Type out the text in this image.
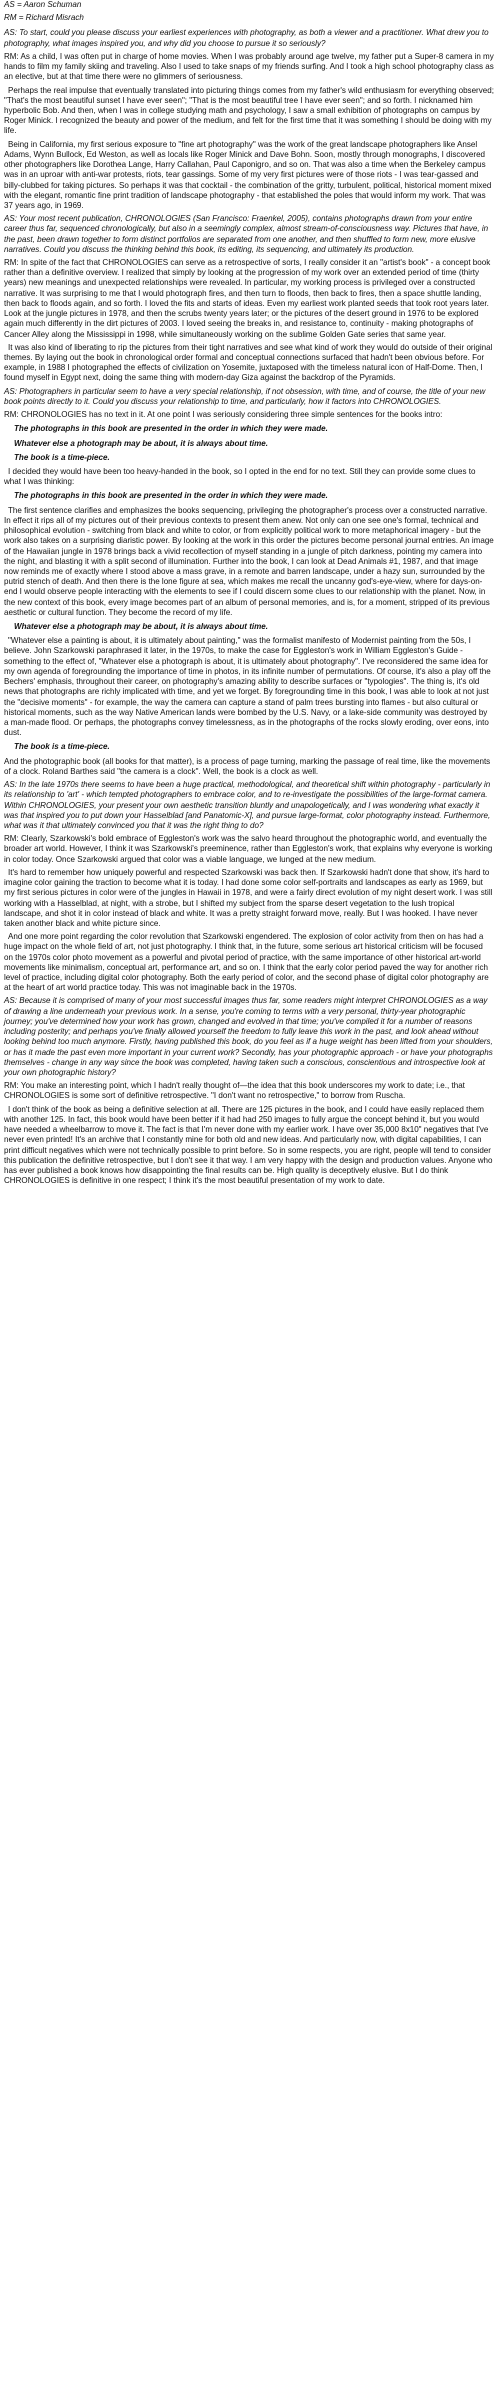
AS = Aaron Schuman

RM = Richard Misrach

AS: To start, could you please discuss your earliest experiences with photography, as both a viewer and a practitioner. What drew you to photography, what images inspired you, and why did you choose to pursue it so seriously?

RM: As a child, I was often put in charge of home movies. When I was probably around age twelve, my father put a Super-8 camera in my hands to film my family skiing and traveling. Also I used to take snaps of my friends surfing. And I took a high school photography class as an elective, but at that time there were no glimmers of seriousness.

Perhaps the real impulse that eventually translated into picturing things comes from my father's wild enthusiasm for everything observed; "That's the most beautiful sunset I have ever seen"; "That is the most beautiful tree I have ever seen"; and so forth. I nicknamed him hyperbolic Bob. And then, when I was in college studying math and psychology, I saw a small exhibition of photographs on campus by Roger Minick. I recognized the beauty and power of the medium, and felt for the first time that it was something I should be doing with my life.

Being in California, my first serious exposure to "fine art photography" was the work of the great landscape photographers like Ansel Adams, Wynn Bullock, Ed Weston, as well as locals like Roger Minick and Dave Bohn. Soon, mostly through monographs, I discovered other photographers like Dorothea Lange, Harry Callahan, Paul Caponigro, and so on. That was also a time when the Berkeley campus was in an uproar with anti-war protests, riots, tear gassings. Some of my very first pictures were of those riots - I was tear-gassed and billy-clubbed for taking pictures. So perhaps it was that cocktail - the combination of the gritty, turbulent, political, historical moment mixed with the elegant, romantic fine print tradition of landscape photography - that established the poles that would inform my work. That was 37 years ago, in 1969.

AS: Your most recent publication, CHRONOLOGIES (San Francisco: Fraenkel, 2005), contains photographs drawn from your entire career thus far, sequenced chronologically, but also in a seemingly complex, almost stream-of-consciousness way. Pictures that have, in the past, been drawn together to form distinct portfolios are separated from one another, and then shuffled to form new, more elusive narratives. Could you discuss the thinking behind this book, its editing, its sequencing, and ultimately its production.

RM: In spite of the fact that CHRONOLOGIES can serve as a retrospective of sorts, I really consider it an "artist's book" - a concept book rather than a definitive overview. I realized that simply by looking at the progression of my work over an extended period of time (thirty years) new meanings and unexpected relationships were revealed. In particular, my working process is privileged over a constructed narrative. It was surprising to me that I would photograph fires, and then turn to floods, then back to fires, then a space shuttle landing, then back to floods again, and so forth. I loved the fits and starts of ideas. Even my earliest work planted seeds that took root years later. Look at the jungle pictures in 1978, and then the scrubs twenty years later; or the pictures of the desert ground in 1976 to be explored again much differently in the dirt pictures of 2003. I loved seeing the breaks in, and resistance to, continuity - making photographs of Cancer Alley along the Mississippi in 1998, while simultaneously working on the sublime Golden Gate series that same year.

It was also kind of liberating to rip the pictures from their tight narratives and see what kind of work they would do outside of their original themes. By laying out the book in chronological order formal and conceptual connections surfaced that hadn't been obvious before. For example, in 1988 I photographed the effects of civilization on Yosemite, juxtaposed with the timeless natural icon of Half-Dome. Then, I found myself in Egypt next, doing the same thing with modern-day Giza against the backdrop of the Pyramids.

AS: Photographers in particular seem to have a very special relationship, if not obsession, with time, and of course, the title of your new book points directly to it. Could you discuss your relationship to time, and particularly, how it factors into CHRONOLOGIES.

RM: CHRONOLOGIES has no text in it. At one point I was seriously considering three simple sentences for the books intro:

The photographs in this book are presented in the order in which they were made.

Whatever else a photograph may be about, it is always about time.

The book is a time-piece.

I decided they would have been too heavy-handed in the book, so I opted in the end for no text. Still they can provide some clues to what I was thinking:

The photographs in this book are presented in the order in which they were made.

The first sentence clarifies and emphasizes the books sequencing, privileging the photographer's process over a constructed narrative. In effect it rips all of my pictures out of their previous contexts to present them anew. Not only can one see one's formal, technical and philosophical evolution - switching from black and white to color, or from explicitly political work to more metaphorical imagery - but the work also takes on a surprising diaristic power. By looking at the work in this order the pictures become personal journal entries. An image of the Hawaiian jungle in 1978 brings back a vivid recollection of myself standing in a jungle of pitch darkness, pointing my camera into the night, and blasting it with a split second of illumination. Further into the book, I can look at Dead Animals #1, 1987, and that image now reminds me of exactly where I stood above a mass grave, in a remote and barren landscape, under a hazy sun, surrounded by the putrid stench of death. And then there is the lone figure at sea, which makes me recall the uncanny god's-eye-view, where for days-on-end I would observe people interacting with the elements to see if I could discern some clues to our relationship with the planet. Now, in the new context of this book, every image becomes part of an album of personal memories, and is, for a moment, stripped of its previous aesthetic or cultural function. They become the record of my life.

Whatever else a photograph may be about, it is always about time.

"Whatever else a painting is about, it is ultimately about painting," was the formalist manifesto of Modernist painting from the 50s, I believe. John Szarkowski paraphrased it later, in the 1970s, to make the case for Eggleston's work in William Eggleston's Guide - something to the effect of, "Whatever else a photograph is about, it is ultimately about photography". I've reconsidered the same idea for my own agenda of foregrounding the importance of time in photos, in its infinite number of permutations. Of course, it's also a play off the Bechers' emphasis, throughout their career, on photography's amazing ability to describe surfaces or "typologies". The thing is, it's old news that photographs are richly implicated with time, and yet we forget. By foregrounding time in this book, I was able to look at not just the "decisive moments" - for example, the way the camera can capture a stand of palm trees bursting into flames - but also cultural or historical moments, such as the way Native American lands were bombed by the U.S. Navy, or a lake-side community was destroyed by a man-made flood. Or perhaps, the photographs convey timelessness, as in the photographs of the rocks slowly eroding, over eons, into dust.

The book is a time-piece.

And the photographic book (all books for that matter), is a process of page turning, marking the passage of real time, like the movements of a clock. Roland Barthes said "the camera is a clock". Well, the book is a clock as well.

AS: In the late 1970s there seems to have been a huge practical, methodological, and theoretical shift within photography - particularly in its relationship to 'art' - which tempted photographers to embrace color, and to re-investigate the possibilities of the large-format camera. Within CHRONOLOGIES, your present your own aesthetic transition bluntly and unapologetically, and I was wondering what exactly it was that inspired you to put down your Hasselblad [and Panatomic-X], and pursue large-format, color photography instead. Furthermore, what was it that ultimately convinced you that it was the right thing to do?

RM: Clearly, Szarkowski's bold embrace of Eggleston's work was the salvo heard throughout the photographic world, and eventually the broader art world. However, I think it was Szarkowski's preeminence, rather than Eggleston's work, that explains why everyone is working in color today. Once Szarkowski argued that color was a viable language, we lunged at the new medium.

It's hard to remember how uniquely powerful and respected Szarkowski was back then. If Szarkowski hadn't done that show, it's hard to imagine color gaining the traction to become what it is today. I had done some color self-portraits and landscapes as early as 1969, but my first serious pictures in color were of the jungles in Hawaii in 1978, and were a fairly direct evolution of my night desert work. I was still working with a Hasselblad, at night, with a strobe, but I shifted my subject from the sparse desert vegetation to the lush tropical landscape, and shot it in color instead of black and white. It was a pretty straight forward move, really. But I was hooked. I have never taken another black and white picture since.

And one more point regarding the color revolution that Szarkowski engendered. The explosion of color activity from then on has had a huge impact on the whole field of art, not just photography. I think that, in the future, some serious art historical criticism will be focused on the 1970s color photo movement as a powerful and pivotal period of practice, with the same importance of other historical art-world movements like minimalism, conceptual art, performance art, and so on. I think that the early color period paved the way for another rich level of practice, including digital color photography. Both the early period of color, and the second phase of digital color photography are at the heart of art world practice today. This was not imaginable back in the 1970s.

AS: Because it is comprised of many of your most successful images thus far, some readers might interpret CHRONOLOGIES as a way of drawing a line underneath your previous work. In a sense, you're coming to terms with a very personal, thirty-year photographic journey; you've determined how your work has grown, changed and evolved in that time; you've compiled it for a number of reasons including posterity; and perhaps you've finally allowed yourself the freedom to fully leave this work in the past, and look ahead without looking behind too much anymore. Firstly, having published this book, do you feel as if a huge weight has been lifted from your shoulders, or has it made the past even more important in your current work? Secondly, has your photographic approach - or have your photographs themselves - change in any way since the book was completed, having taken such a conscious, conscientious and introspective look at your own photographic history?

RM: You make an interesting point, which I hadn't really thought of—the idea that this book underscores my work to date; i.e., that CHRONOLOGIES is some sort of definitive retrospective. "I don't want no retrospective," to borrow from Ruscha.

I don't think of the book as being a definitive selection at all. There are 125 pictures in the book, and I could have easily replaced them with another 125. In fact, this book would have been better if it had had 250 images to fully argue the concept behind it, but you would have needed a wheelbarrow to move it. The fact is that I'm never done with my earlier work. I have over 35,000 8x10" negatives that I've never even printed! It's an archive that I constantly mine for both old and new ideas. And particularly now, with digital capabilities, I can print difficult negatives which were not technically possible to print before. So in some respects, you are right, people will tend to consider this publication the definitive retrospective, but I don't see it that way. I am very happy with the design and production values. Anyone who has ever published a book knows how disappointing the final results can be. High quality is deceptively elusive. But I do think CHRONOLOGIES is definitive in one respect; I think it's the most beautiful presentation of my work to date.
